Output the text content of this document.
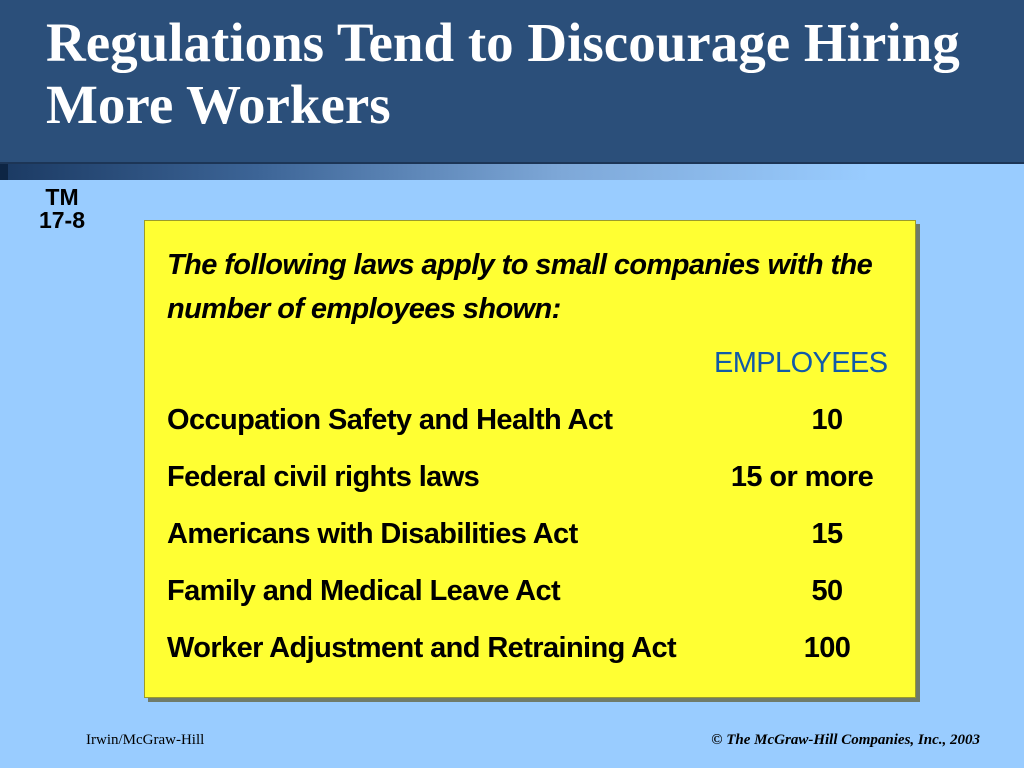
Regulations Tend to Discourage Hiring More Workers
TM
17-8
The following laws apply to small companies with the number of employees shown:
EMPLOYEES
Occupation Safety and Health Act	10
Federal civil rights laws	15 or more
Americans with Disabilities Act	15
Family and Medical Leave Act	50
Worker Adjustment and Retraining Act	100
Irwin/McGraw-Hill	© The McGraw-Hill Companies, Inc., 2003
